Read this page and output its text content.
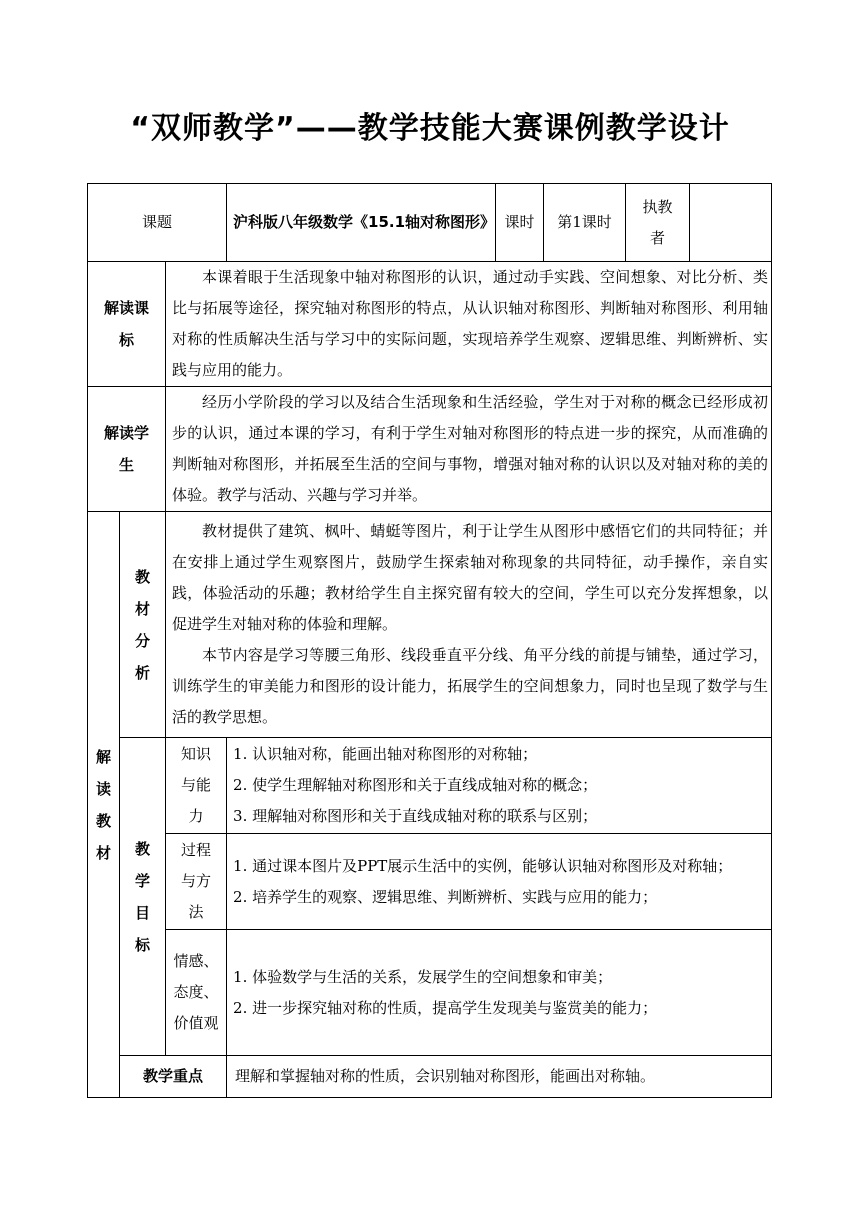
“双师教学”——教学技能大赛课例教学设计
课题			沪科版八年级数学《15.1轴对称图形》	课时	第1课时	执教者	
解读课标		本课着眼于生活现象中轴对称图形的认识，通过动手实践、空间想象、对比分析、类比与拓展等途径，探究轴对称图形的特点，从认识轴对称图形、判断轴对称图形、利用轴对称的性质解决生活与学习中的实际问题，实现培养学生观察、逻辑思维、判断辨析、实践与应用的能力。					

解读学生		经历小学阶段的学习以及结合生活现象和生活经验，学生对于对称的概念已经形成初步的认识，通过本课的学习，有利于学生对轴对称图形的特点进一步的探究，从而准确的判断轴对称图形，并拓展至生活的空间与事物，增强对轴对称的认识以及对轴对称的美的体验。教学与活动、兴趣与学习并举。					

解读教材	教材分析	教材提供了建筑、枫叶、蜻蜓等图片，利于让学生从图形中感悟它们的共同特征；并在安排上通过学生观察图片，鼓励学生探索轴对称现象的共同特征，动手操作，亲自实践，体验活动的乐趣；教材给学生自主探究留有较大的空间，学生可以充分发挥想象，以促进学生对轴对称的体验和理解。

本节内容是学习等腰三角形、线段垂直平分线、角平分线的前提与铺垫，通过学习，训练学生的审美能力和图形的设计能力，拓展学生的空间想象力，同时也呈现了数学与生活的教学思想。					

	教学目标	知识与能力	1. 认识轴对称，能画出轴对称图形的对称轴；
2. 使学生理解轴对称图形和关于直线成轴对称的概念；
3. 理解轴对称图形和关于直线成轴对称的联系与区别；				

		过程与方法	1. 通过课本图片及PPT展示生活中的实例，能够认识轴对称图形及对称轴；
2. 培养学生的观察、逻辑思维、判断辨析、实践与应用的能力；				

		情感、态度、价值观	1. 体验数学与生活的关系，发展学生的空间想象和审美；
2. 进一步探究轴对称的性质，提高学生发现美与鉴赏美的能力；				

	教学重点		理解和掌握轴对称的性质，会识别轴对称图形，能画出对称轴。				
